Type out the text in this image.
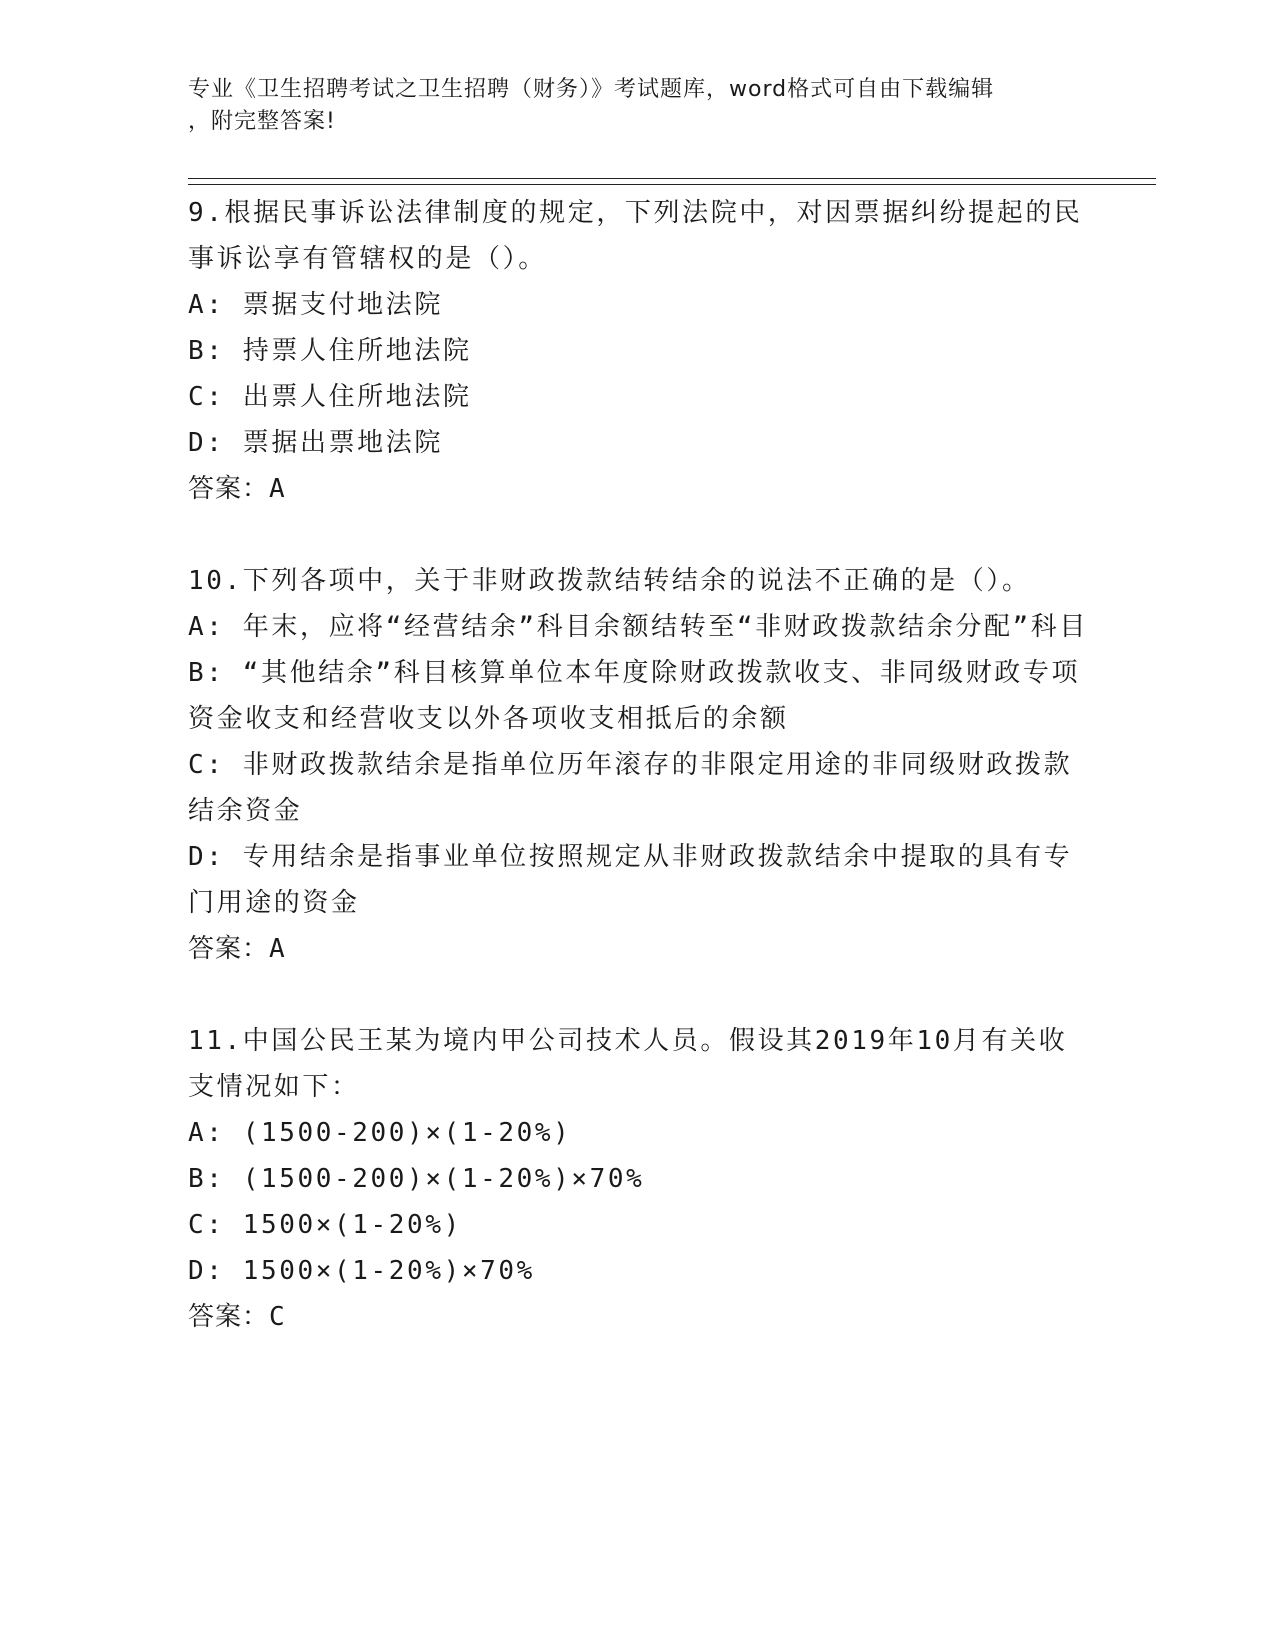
专业《卫生招聘考试之卫生招聘（财务）》考试题库，word格式可自由下载编辑
，附完整答案!
9.根据民事诉讼法律制度的规定，下列法院中，对因票据纠纷提起的民事诉讼享有管辖权的是（）。
A: 票据支付地法院
B: 持票人住所地法院
C: 出票人住所地法院
D: 票据出票地法院
答案：A
10.下列各项中，关于非财政拨款结转结余的说法不正确的是（）。
A: 年末，应将“经营结余”科目余额结转至“非财政拨款结余分配”科目
B: “其他结余”科目核算单位本年度除财政拨款收支、非同级财政专项资金收支和经营收支以外各项收支相抵后的余额
C: 非财政拨款结余是指单位历年滚存的非限定用途的非同级财政拨款结余资金
D: 专用结余是指事业单位按照规定从非财政拨款结余中提取的具有专门用途的资金
答案：A
11.中国公民王某为境内甲公司技术人员。假设其2019年10月有关收支情况如下：
A: (1500-200)×(1-20%)
B: (1500-200)×(1-20%)×70%
C: 1500×(1-20%)
D: 1500×(1-20%)×70%
答案：C
